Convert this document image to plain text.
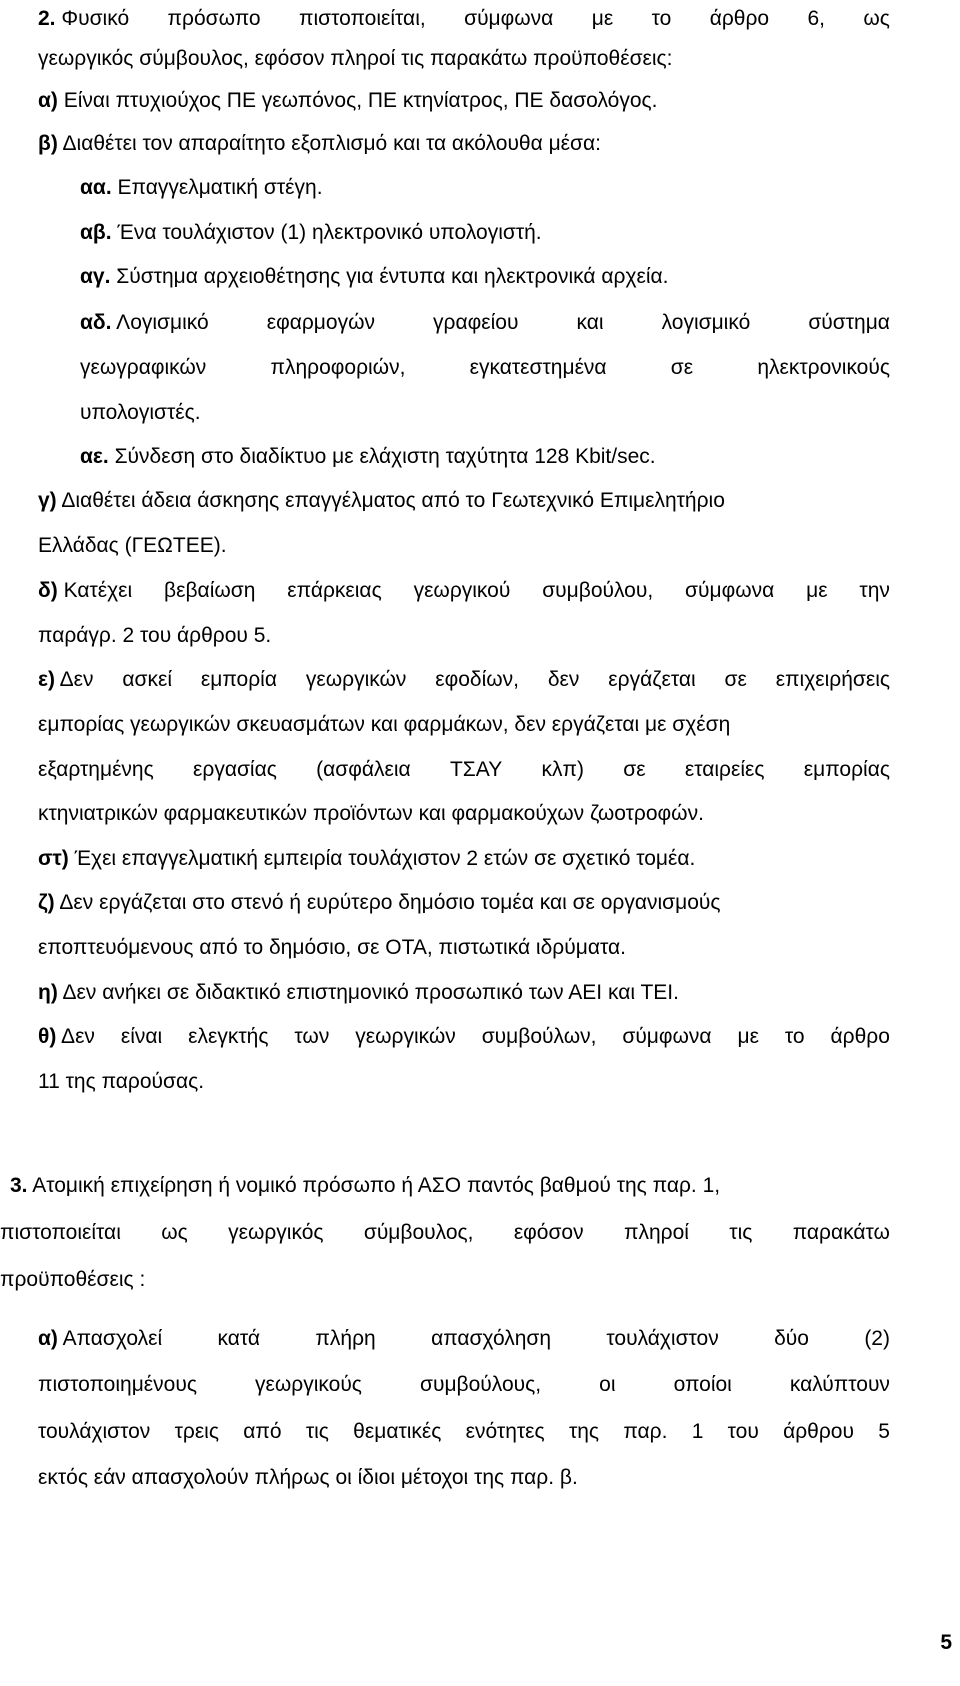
2. Φυσικό πρόσωπο πιστοποιείται, σύμφωνα με το άρθρο 6, ως
γεωργικός σύμβουλος, εφόσον πληροί τις παρακάτω προϋποθέσεις:
α) Είναι πτυχιούχος ΠΕ γεωπόνος, ΠΕ κτηνίατρος, ΠΕ δασολόγος.
β) Διαθέτει τον απαραίτητο εξοπλισμό και τα ακόλουθα μέσα:
αα. Επαγγελματική στέγη.
αβ. Ένα τουλάχιστον (1) ηλεκτρονικό υπολογιστή.
αγ. Σύστημα αρχειοθέτησης για έντυπα και ηλεκτρονικά αρχεία.
αδ. Λογισμικό	εφαρμογών	γραφείου	και	λογισμικό	σύστημα
γεωγραφικών	πληροφοριών,	εγκατεστημένα	σε	ηλεκτρονικούς
υπολογιστές.
αε. Σύνδεση στο διαδίκτυο με ελάχιστη ταχύτητα 128 Kbit/sec.
γ) Διαθέτει άδεια άσκησης επαγγέλματος από το Γεωτεχνικό Επιμελητήριο
Ελλάδας (ΓΕΩΤΕΕ).
δ) Κατέχει βεβαίωση επάρκειας γεωργικού συμβούλου, σύμφωνα με την
παράγρ. 2 του άρθρου 5.
ε) Δεν ασκεί εμπορία γεωργικών εφοδίων, δεν εργάζεται σε επιχειρήσεις
εμπορίας γεωργικών σκευασμάτων και φαρμάκων, δεν εργάζεται με σχέση
εξαρτημένης εργασίας (ασφάλεια ΤΣΑΥ κλπ) σε εταιρείες εμπορίας
κτηνιατρικών φαρμακευτικών προϊόντων και φαρμακούχων ζωοτροφών.
στ) Έχει επαγγελματική εμπειρία τουλάχιστον 2 ετών σε σχετικό τομέα.
ζ) Δεν εργάζεται στο στενό ή ευρύτερο δημόσιο τομέα και σε οργανισμούς
εποπτευόμενους από το δημόσιο, σε ΟΤΑ, πιστωτικά ιδρύματα.
η) Δεν ανήκει σε διδακτικό επιστημονικό προσωπικό των ΑΕΙ και ΤΕΙ.
θ) Δεν είναι ελεγκτής των γεωργικών συμβούλων, σύμφωνα με το άρθρο
11 της παρούσας.
3. Ατομική επιχείρηση ή νομικό πρόσωπο ή ΑΣΟ παντός βαθμού της παρ. 1,
πιστοποιείται ως γεωργικός σύμβουλος, εφόσον πληροί τις παρακάτω
προϋποθέσεις :
α) Απασχολεί	κατά	πλήρη	απασχόληση	τουλάχιστον	δύο	(2)
πιστοποιημένους	γεωργικούς	συμβούλους,	οι	οποίοι	καλύπτουν
τουλάχιστον τρεις από τις θεματικές ενότητες της παρ. 1 του άρθρου 5
εκτός εάν απασχολούν πλήρως οι ίδιοι μέτοχοι της παρ. β.
5
